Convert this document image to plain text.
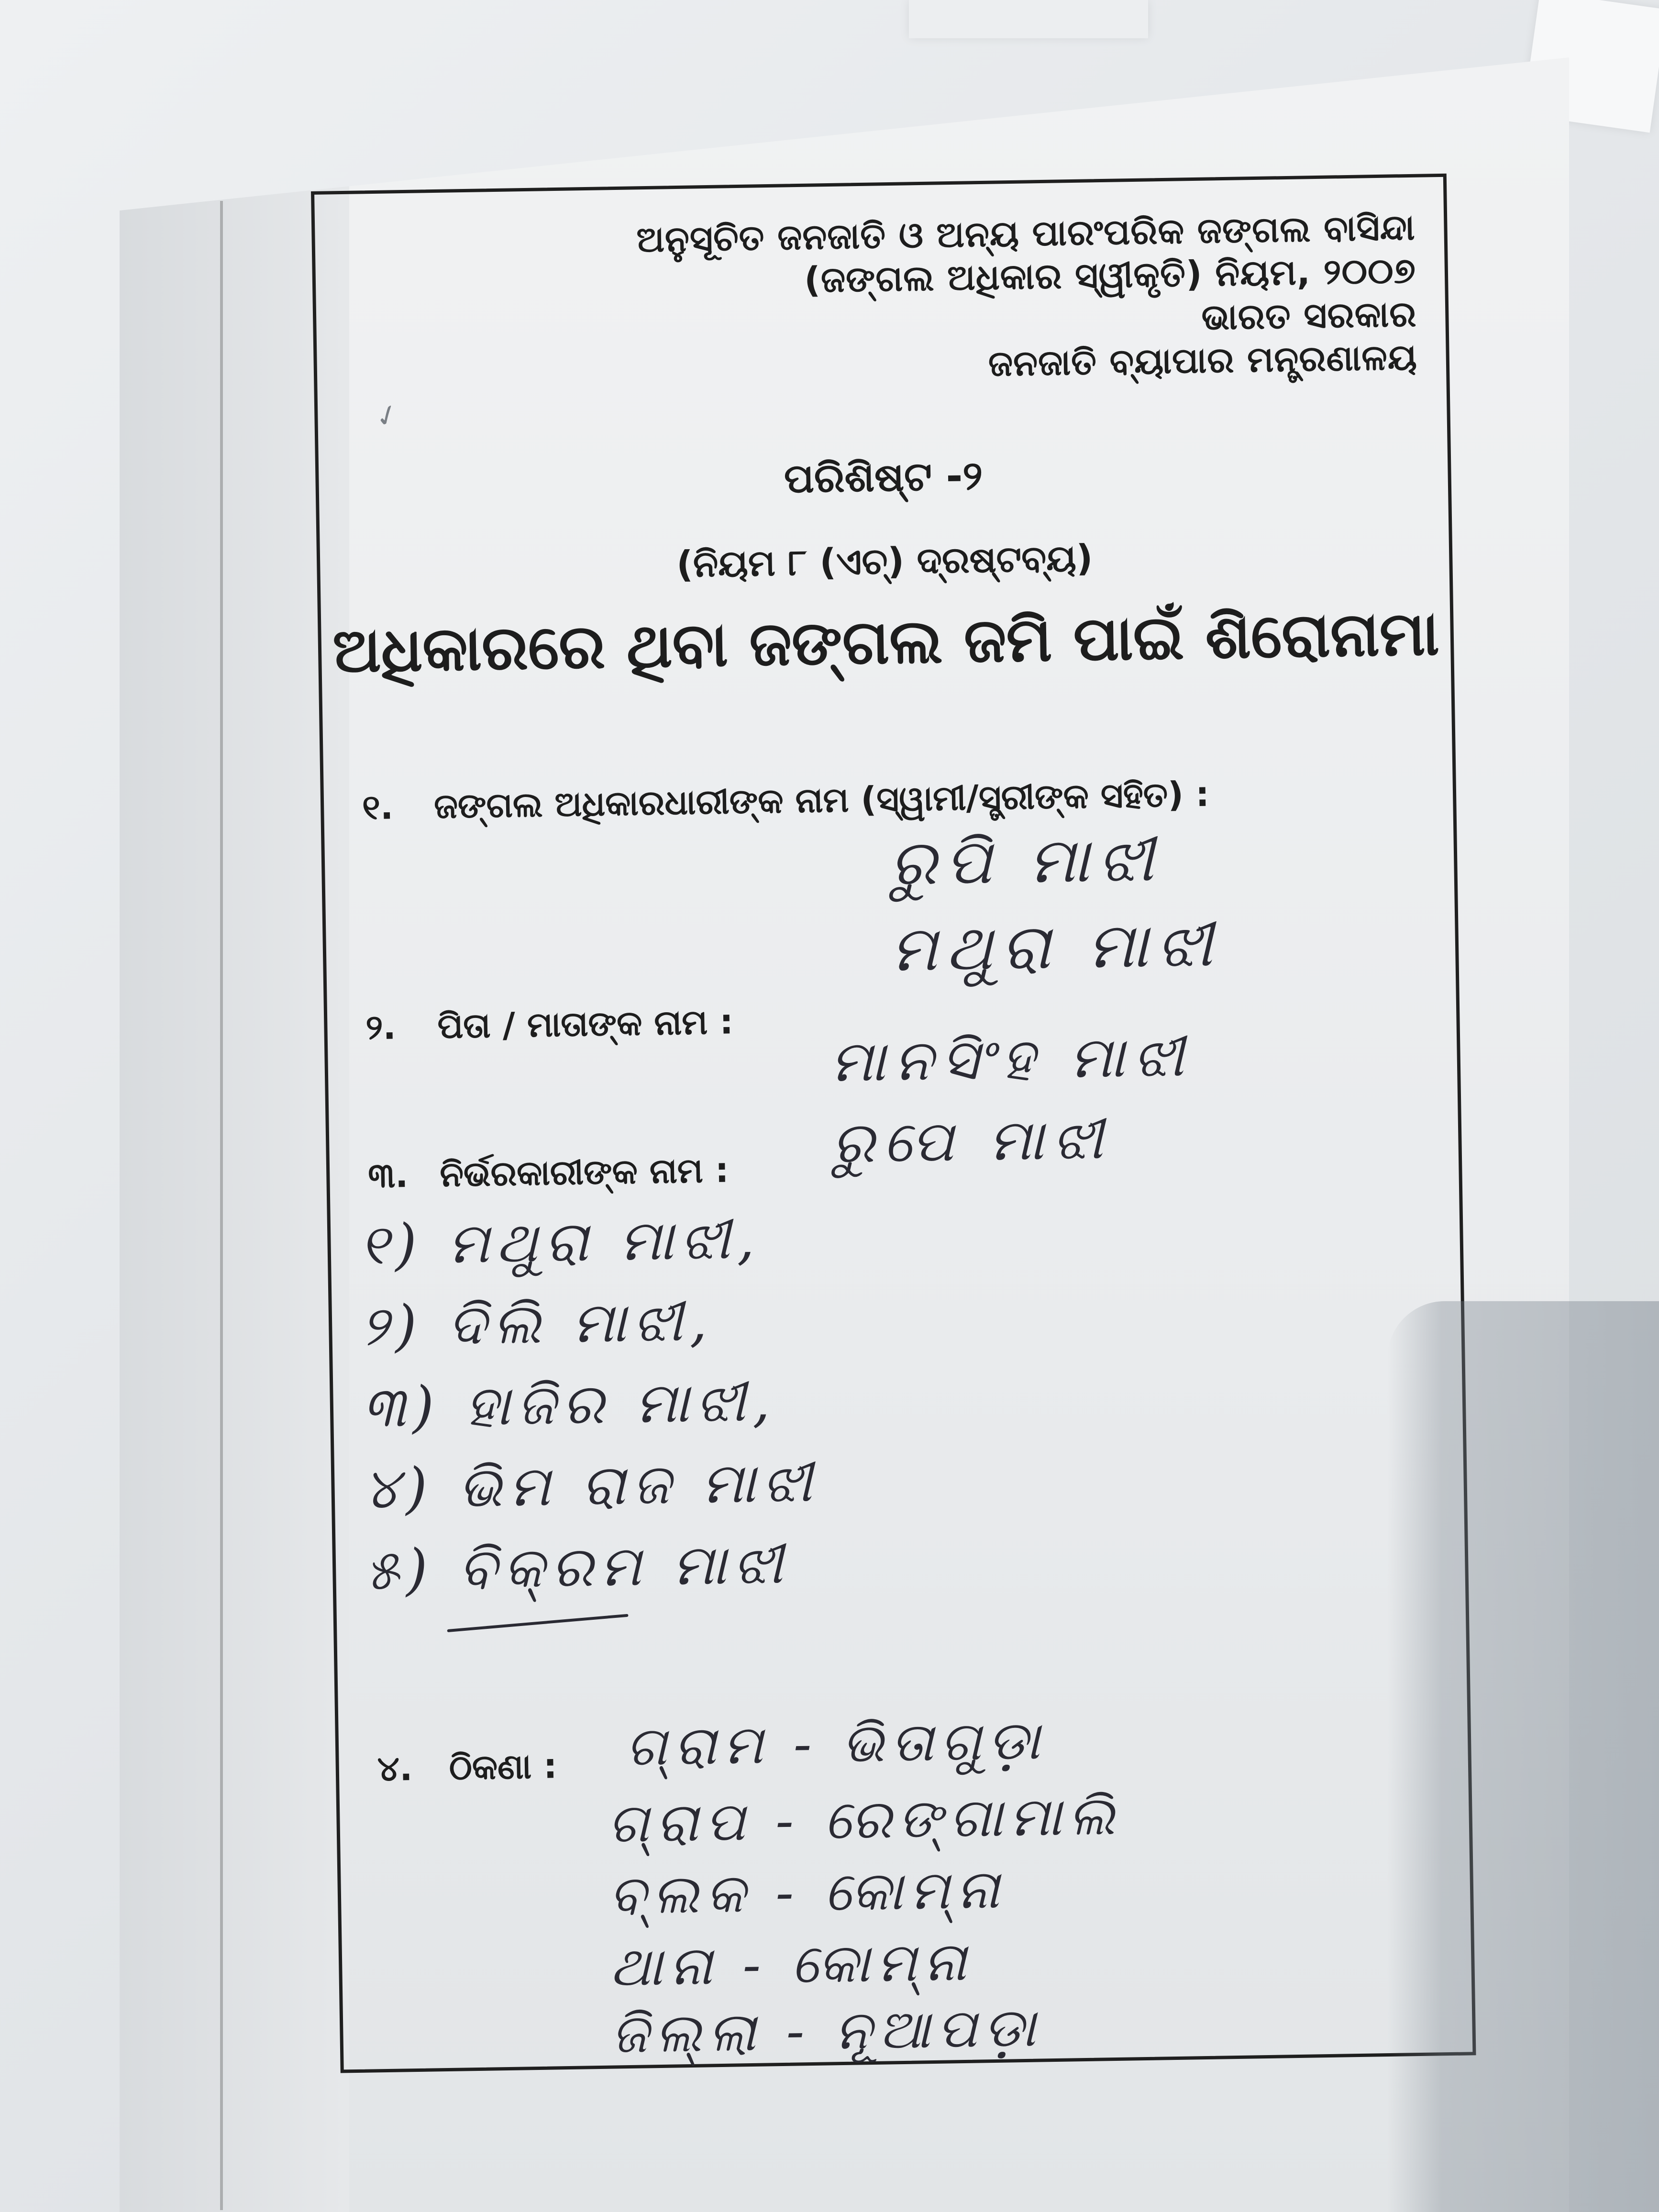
ଅନୁସୂଚିତ ଜନଜାତି ଓ ଅନ୍ୟ ପାରଂପରିକ ଜଙ୍ଗଲ ବାସିନ୍ଦା
(ଜଙ୍ଗଲ ଅଧିକାର ସ୍ୱୀକୃତି) ନିୟମ, ୨୦୦୭
ଭାରତ ସରକାର
ଜନଜାତି ବ୍ୟାପାର ମନ୍ତ୍ରଣାଳୟ
✓
ପରିଶିଷ୍ଟ -୨
(ନିୟମ ୮ (ଏଚ୍) ଦ୍ରଷ୍ଟବ୍ୟ)
ଅଧିକାରରେ ଥିବା ଜଙ୍ଗଲ ଜମି ପାଇଁ ଶିରୋନାମା
୧. ଜଙ୍ଗଲ ଅଧିକାରଧାରୀଙ୍କ ନାମ (ସ୍ୱାମୀ/ସ୍ତ୍ରୀଙ୍କ ସହିତ) :
ରୁପି ମାଝୀ
ମଥୁରା ମାଝୀ
୨. ପିତା / ମାତାଙ୍କ ନାମ : ମାନସିଂହ ମାଝୀ
ରୁପେ ମାଝୀ
୩. ନିର୍ଭରକାରୀଙ୍କ ନାମ :
୧) ମଥୁରା ମାଝୀ,
୨) ଦିଲି ମାଝୀ,
୩) ହାଜିର ମାଝୀ,
୪) ଭିମ ରାଜ ମାଝୀ
୫) ବିକ୍ରମ ମାଝୀ
୪. ଠିକଣା : ଗ୍ରାମ - ଭିତାଗୁଡ଼ା
ଗ୍ରାପ - ରେଙ୍ଗାମାଲି
ବ୍ଲକ - କୋମ୍ନା
ଥାନା - କୋମ୍ନା
ଜିଲ୍ଲା - ନୂଆପଡ଼ା
